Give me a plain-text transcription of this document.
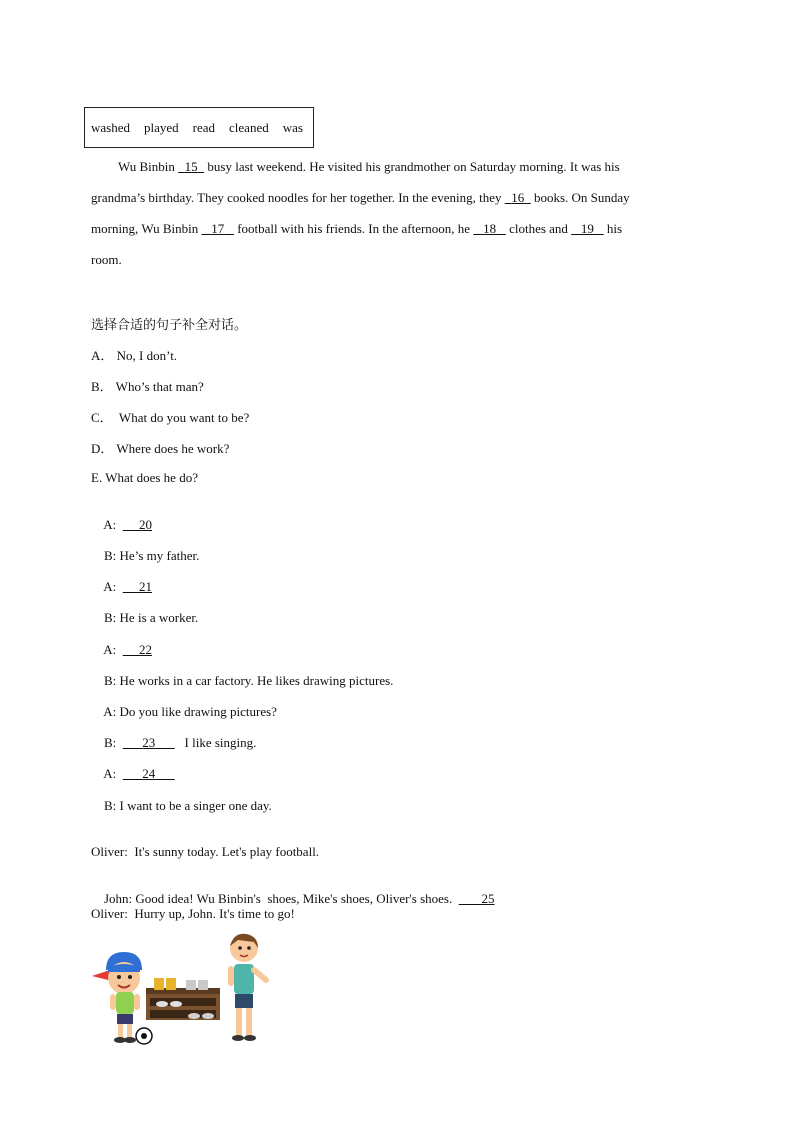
washed played read cleaned was
Wu Binbin 15 busy last weekend. He visited his grandmother on Saturday morning. It was his
grandma’s birthday. They cooked noodles for her together. In the evening, they 16 books. On Sunday
morning, Wu Binbin 17 football with his friends. In the afternoon, he 18 clothes and 19 his
room.
选择合适的句子补全对话。
A． No, I don’t.
B． Who’s that man?
C．  What do you want to be?
D． Where does he work?
E. What does he do?

A: 20

B: He’s my father.

A: 21

B: He is a worker.

A: 22

B: He works in a car factory. He likes drawing pictures.

A: Do you like drawing pictures?

B: 23 I like singing.

A: 24

B: I want to be a singer one day.

Oliver:  It's sunny today. Let's play football.

John: Good idea! Wu Binbin's  shoes, Mike's shoes, Oliver's shoes. 25

Oliver:  Hurry up, John. It's time to go!
